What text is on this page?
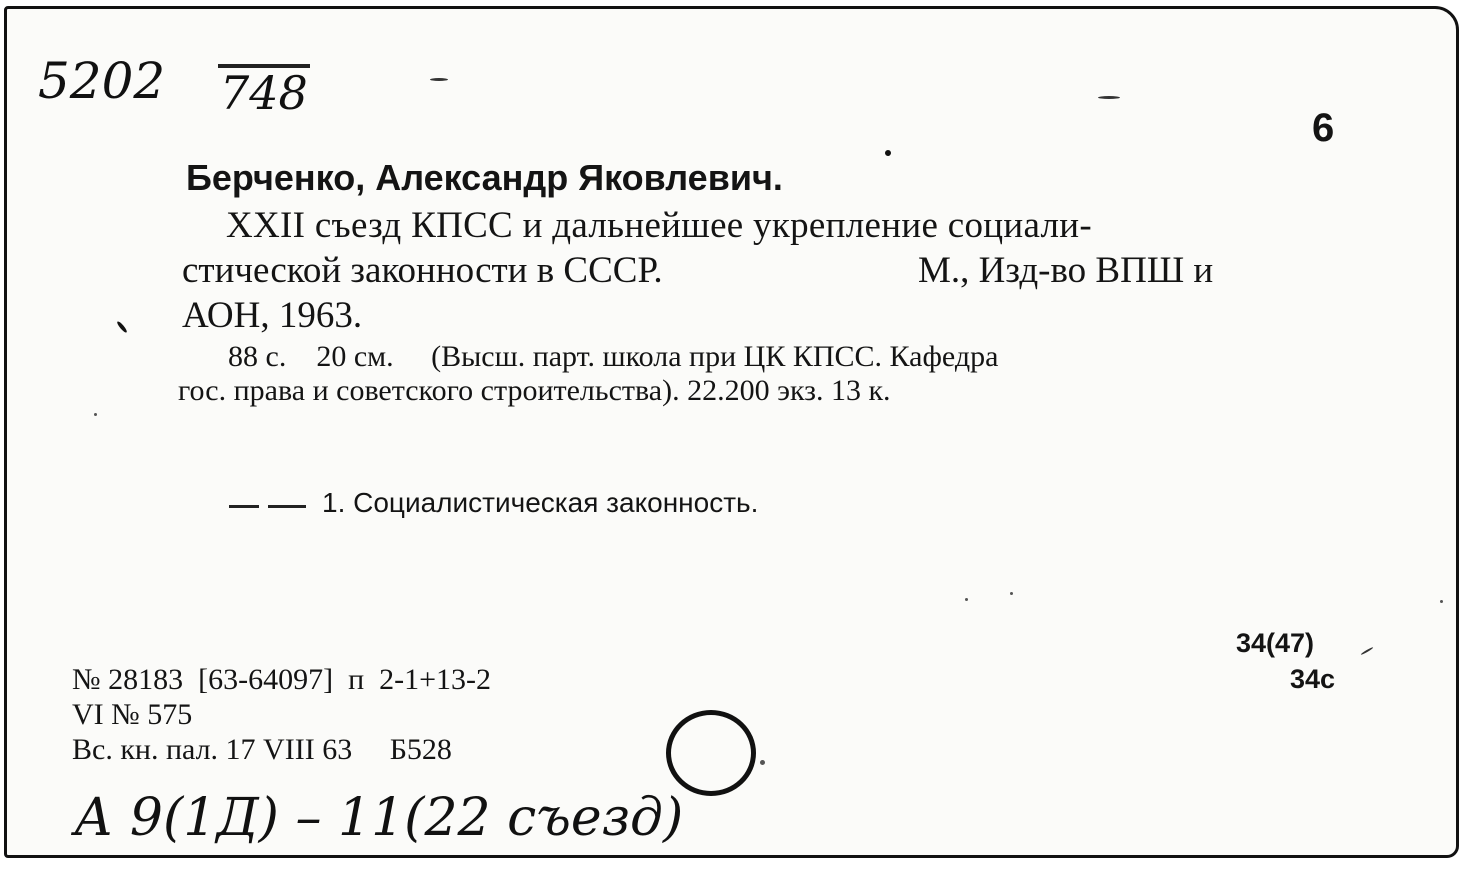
5202 748
6
Берченко, Александр Яковлевич.
XXII съезд КПСС и дальнейшее укрепление социали-
стической законности в СССР.	М., Изд-во ВПШ и
АОН, 1963.
88 с.    20 см.     (Высш. парт. школа при ЦК КПСС. Кафедра
гос. права и советского строительства). 22.200 экз. 13 к.
1. Социалистическая законность.
№ 28183  [63-64097]  п  2-1+13-2
VI № 575
Вс. кн. пал. 17 VIII 63     Б528
34(47)
34с
А 9(1Д) – 11(22 съезд)
